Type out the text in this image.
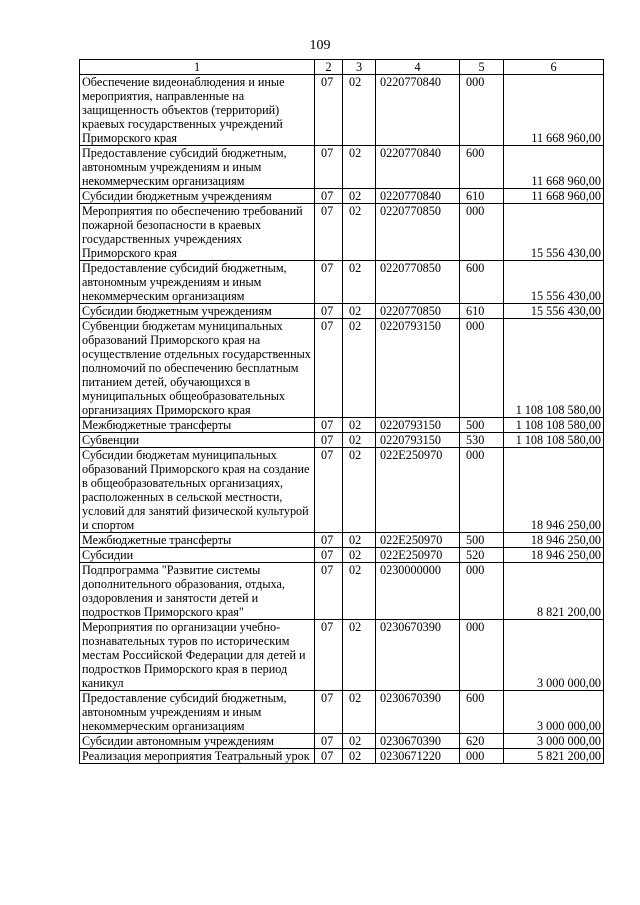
109
1	2	3	4	5	6
Обеспечение видеонаблюдения и иные мероприятия, направленные на защищенность объектов (территорий) краевых государственных учреждений Приморского края	07	02	0220770840	000	11 668 960,00
Предоставление субсидий бюджетным, автономным учреждениям и иным некоммерческим организациям	07	02	0220770840	600	11 668 960,00
Субсидии бюджетным учреждениям	07	02	0220770840	610	11 668 960,00
Мероприятия по обеспечению требований пожарной безопасности в краевых государственных учреждениях Приморского края	07	02	0220770850	000	15 556 430,00
Предоставление субсидий бюджетным, автономным учреждениям и иным некоммерческим организациям	07	02	0220770850	600	15 556 430,00
Субсидии бюджетным учреждениям	07	02	0220770850	610	15 556 430,00
Субвенции бюджетам муниципальных образований Приморского края на осуществление отдельных государственных полномочий по обеспечению бесплатным питанием детей, обучающихся в муниципальных общеобразовательных организациях Приморского края	07	02	0220793150	000	1 108 108 580,00
Межбюджетные трансферты	07	02	0220793150	500	1 108 108 580,00
Субвенции	07	02	0220793150	530	1 108 108 580,00
Субсидии бюджетам муниципальных образований Приморского края на создание в общеобразовательных организациях, расположенных в сельской местности, условий для занятий физической культурой и спортом	07	02	022E250970	000	18 946 250,00
Межбюджетные трансферты	07	02	022E250970	500	18 946 250,00
Субсидии	07	02	022E250970	520	18 946 250,00
Подпрограмма "Развитие системы дополнительного образования, отдыха, оздоровления и занятости детей и подростков Приморского края"	07	02	0230000000	000	8 821 200,00
Мероприятия по организации учебно-познавательных туров по историческим местам Российской Федерации для детей и подростков Приморского края в период каникул	07	02	0230670390	000	3 000 000,00
Предоставление субсидий бюджетным, автономным учреждениям и иным некоммерческим организациям	07	02	0230670390	600	3 000 000,00
Субсидии автономным учреждениям	07	02	0230670390	620	3 000 000,00
Реализация мероприятия Театральный урок	07	02	0230671220	000	5 821 200,00
